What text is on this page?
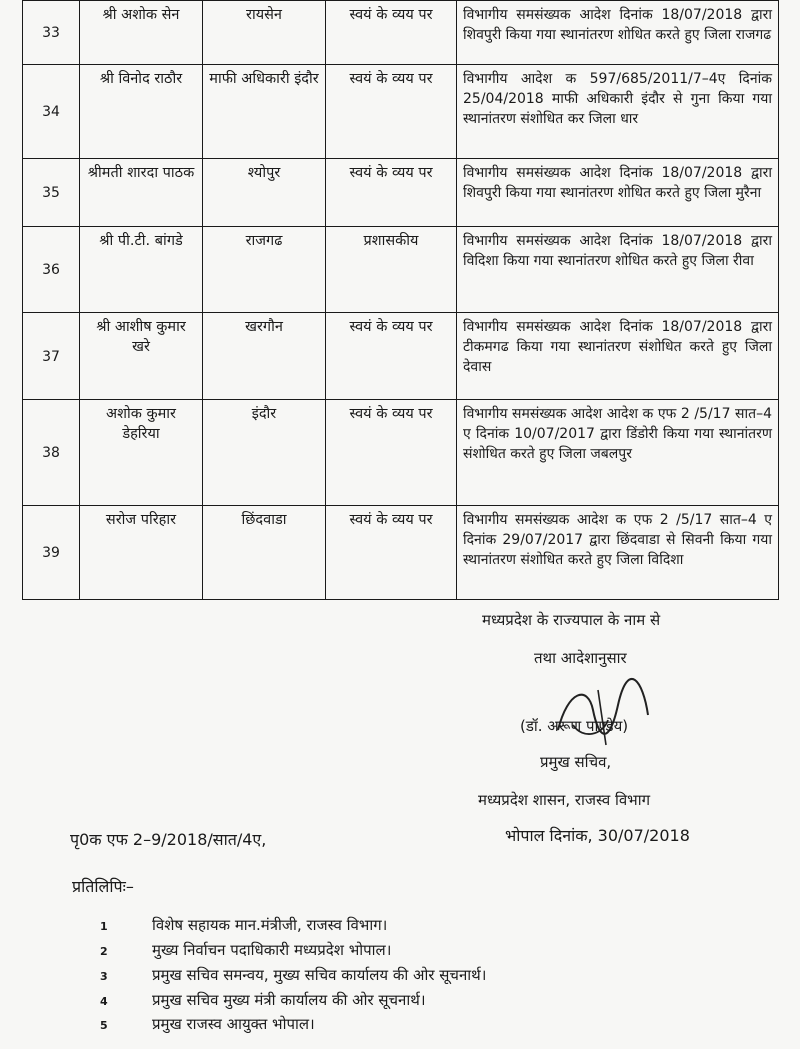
33	श्री अशोक सेन	रायसेन	स्वयं के व्यय पर	विभागीय समसंख्यक आदेश दिनांक 18/07/2018 द्वारा शिवपुरी किया गया स्थानांतरण शोधित करते हुए जिला राजगढ
34	श्री विनोद राठौर	माफी अधिकारी इंदौर	स्वयं के व्यय पर	विभागीय आदेश क 597/685/2011/7–4ए दिनांक 25/04/2018 माफी अधिकारी इंदौर से गुना किया गया स्थानांतरण संशोधित कर जिला धार
35	श्रीमती शारदा पाठक	श्योपुर	स्वयं के व्यय पर	विभागीय समसंख्यक आदेश दिनांक 18/07/2018 द्वारा शिवपुरी किया गया स्थानांतरण शोधित करते हुए जिला मुरैना
36	श्री पी.टी. बांगडे	राजगढ	प्रशासकीय	विभागीय समसंख्यक आदेश दिनांक 18/07/2018 द्वारा विदिशा किया गया स्थानांतरण शोधित करते हुए जिला रीवा
37	श्री आशीष कुमार खरे	खरगौन	स्वयं के व्यय पर	विभागीय समसंख्यक आदेश दिनांक 18/07/2018 द्वारा टीकमगढ किया गया स्थानांतरण संशोधित करते हुए जिला देवास
38	अशोक कुमार डेहरिया	इंदौर	स्वयं के व्यय पर	विभागीय समसंख्यक आदेश आदेश क एफ 2 /5/17 सात–4 ए दिनांक 10/07/2017 द्वारा डिंडोरी किया गया स्थानांतरण संशोधित करते हुए जिला जबलपुर
39	सरोज परिहार	छिंदवाडा	स्वयं के व्यय पर	विभागीय समसंख्यक आदेश क एफ 2 /5/17 सात–4 ए दिनांक 29/07/2017 द्वारा छिंदवाडा से सिवनी किया गया स्थानांतरण संशोधित करते हुए जिला विदिशा
मध्यप्रदेश के राज्यपाल के नाम से
तथा आदेशानुसार
(डॉ. अरूण पाण्डेय)
प्रमुख सचिव,
मध्यप्रदेश शासन, राजस्व विभाग
पृ0क एफ 2–9/2018/सात/4ए,	भोपाल दिनांक, 30/07/2018
प्रतिलिपिः–
1	विशेष सहायक मान.मंत्रीजी, राजस्व विभाग।
2	मुख्य निर्वाचन पदाधिकारी मध्यप्रदेश भोपाल।
3	प्रमुख सचिव समन्वय, मुख्य सचिव कार्यालय की ओर सूचनार्थ।
4	प्रमुख सचिव मुख्य मंत्री कार्यालय की ओर सूचनार्थ।
5	प्रमुख राजस्व आयुक्त भोपाल।
